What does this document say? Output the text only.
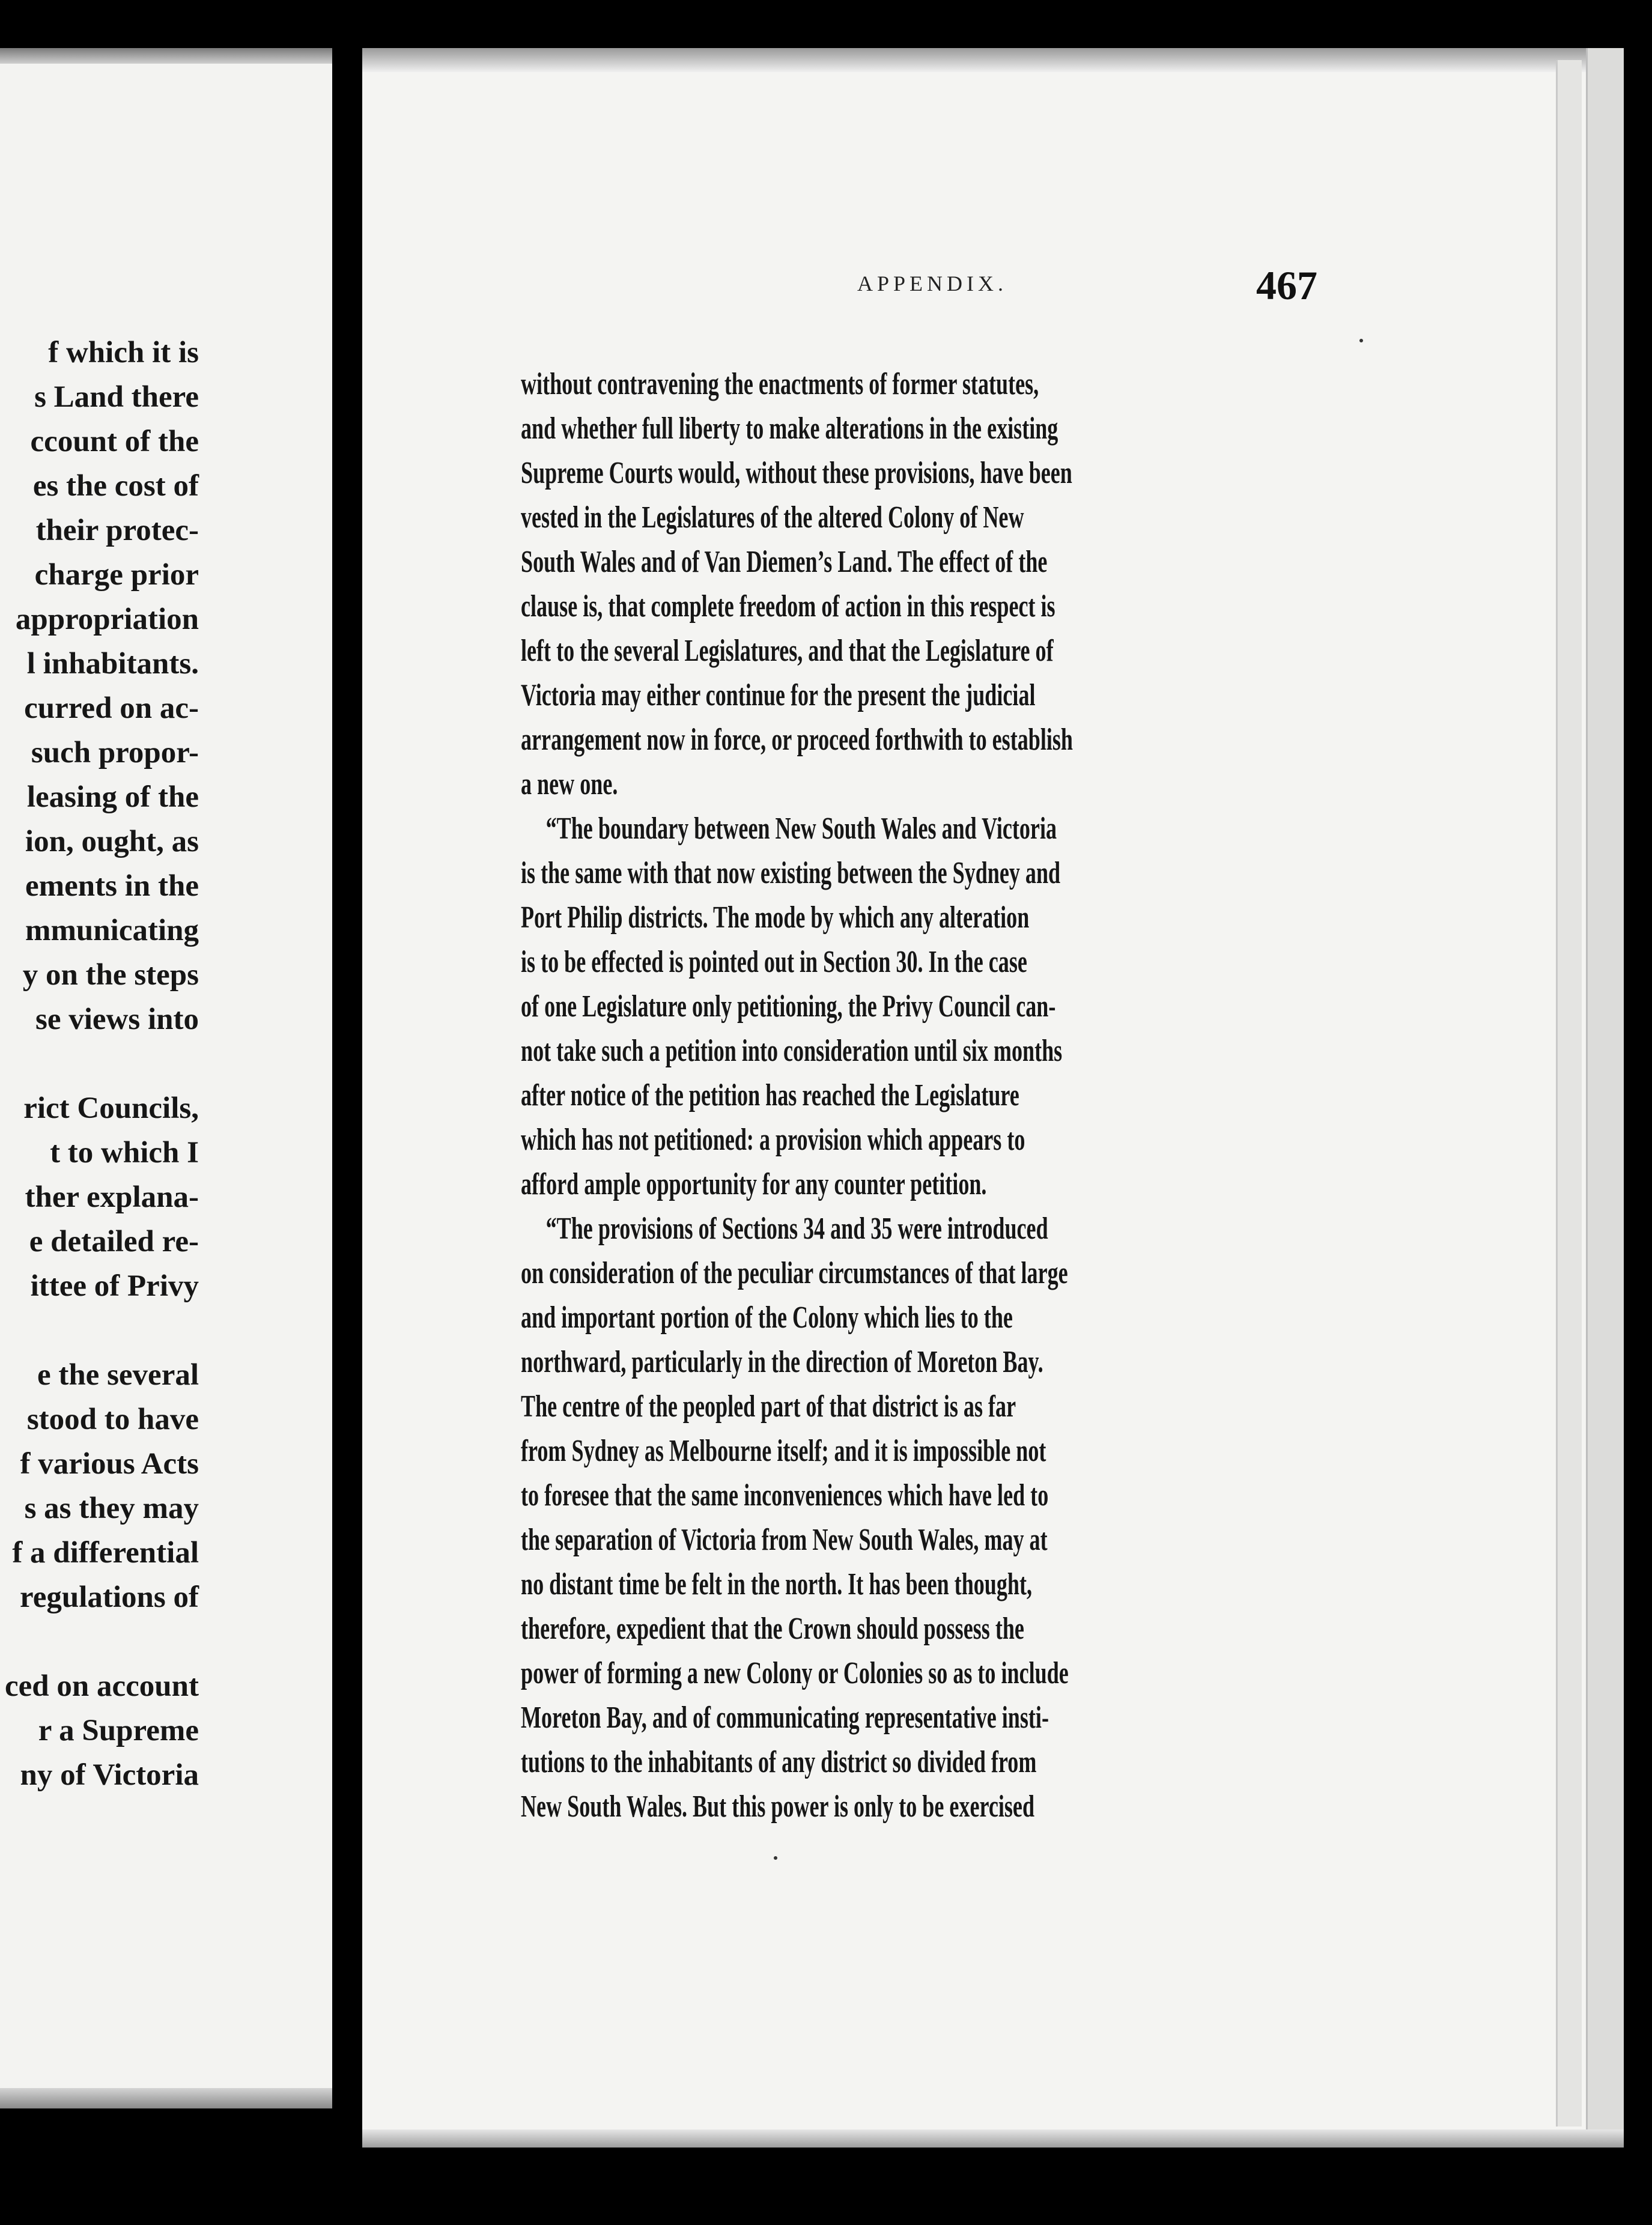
f which it is
s Land there
ccount of the
es the cost of
their protec-
charge prior
appropriation
l inhabitants.
curred on ac-
such propor-
leasing of the
ion, ought, as
ements in the
mmunicating
y on the steps
se views into
rict Councils,
t to which I
ther explana-
e detailed re-
ittee of Privy
e the several
stood to have
f various Acts
s as they may
f a differential
regulations of
ced on account
r a Supreme
ny of Victoria
APPENDIX.	467
without contravening the enactments of former statutes,
and whether full liberty to make alterations in the existing
Supreme Courts would, without these provisions, have been
vested in the Legislatures of the altered Colony of New
South Wales and of Van Diemen’s Land. The effect of the
clause is, that complete freedom of action in this respect is
left to the several Legislatures, and that the Legislature of
Victoria may either continue for the present the judicial
arrangement now in force, or proceed forthwith to establish
a new one.
“The boundary between New South Wales and Victoria
is the same with that now existing between the Sydney and
Port Philip districts. The mode by which any alteration
is to be effected is pointed out in Section 30. In the case
of one Legislature only petitioning, the Privy Council can-
not take such a petition into consideration until six months
after notice of the petition has reached the Legislature
which has not petitioned: a provision which appears to
afford ample opportunity for any counter petition.
“The provisions of Sections 34 and 35 were introduced
on consideration of the peculiar circumstances of that large
and important portion of the Colony which lies to the
northward, particularly in the direction of Moreton Bay.
The centre of the peopled part of that district is as far
from Sydney as Melbourne itself; and it is impossible not
to foresee that the same inconveniences which have led to
the separation of Victoria from New South Wales, may at
no distant time be felt in the north. It has been thought,
therefore, expedient that the Crown should possess the
power of forming a new Colony or Colonies so as to include
Moreton Bay, and of communicating representative insti-
tutions to the inhabitants of any district so divided from
New South Wales. But this power is only to be exercised
